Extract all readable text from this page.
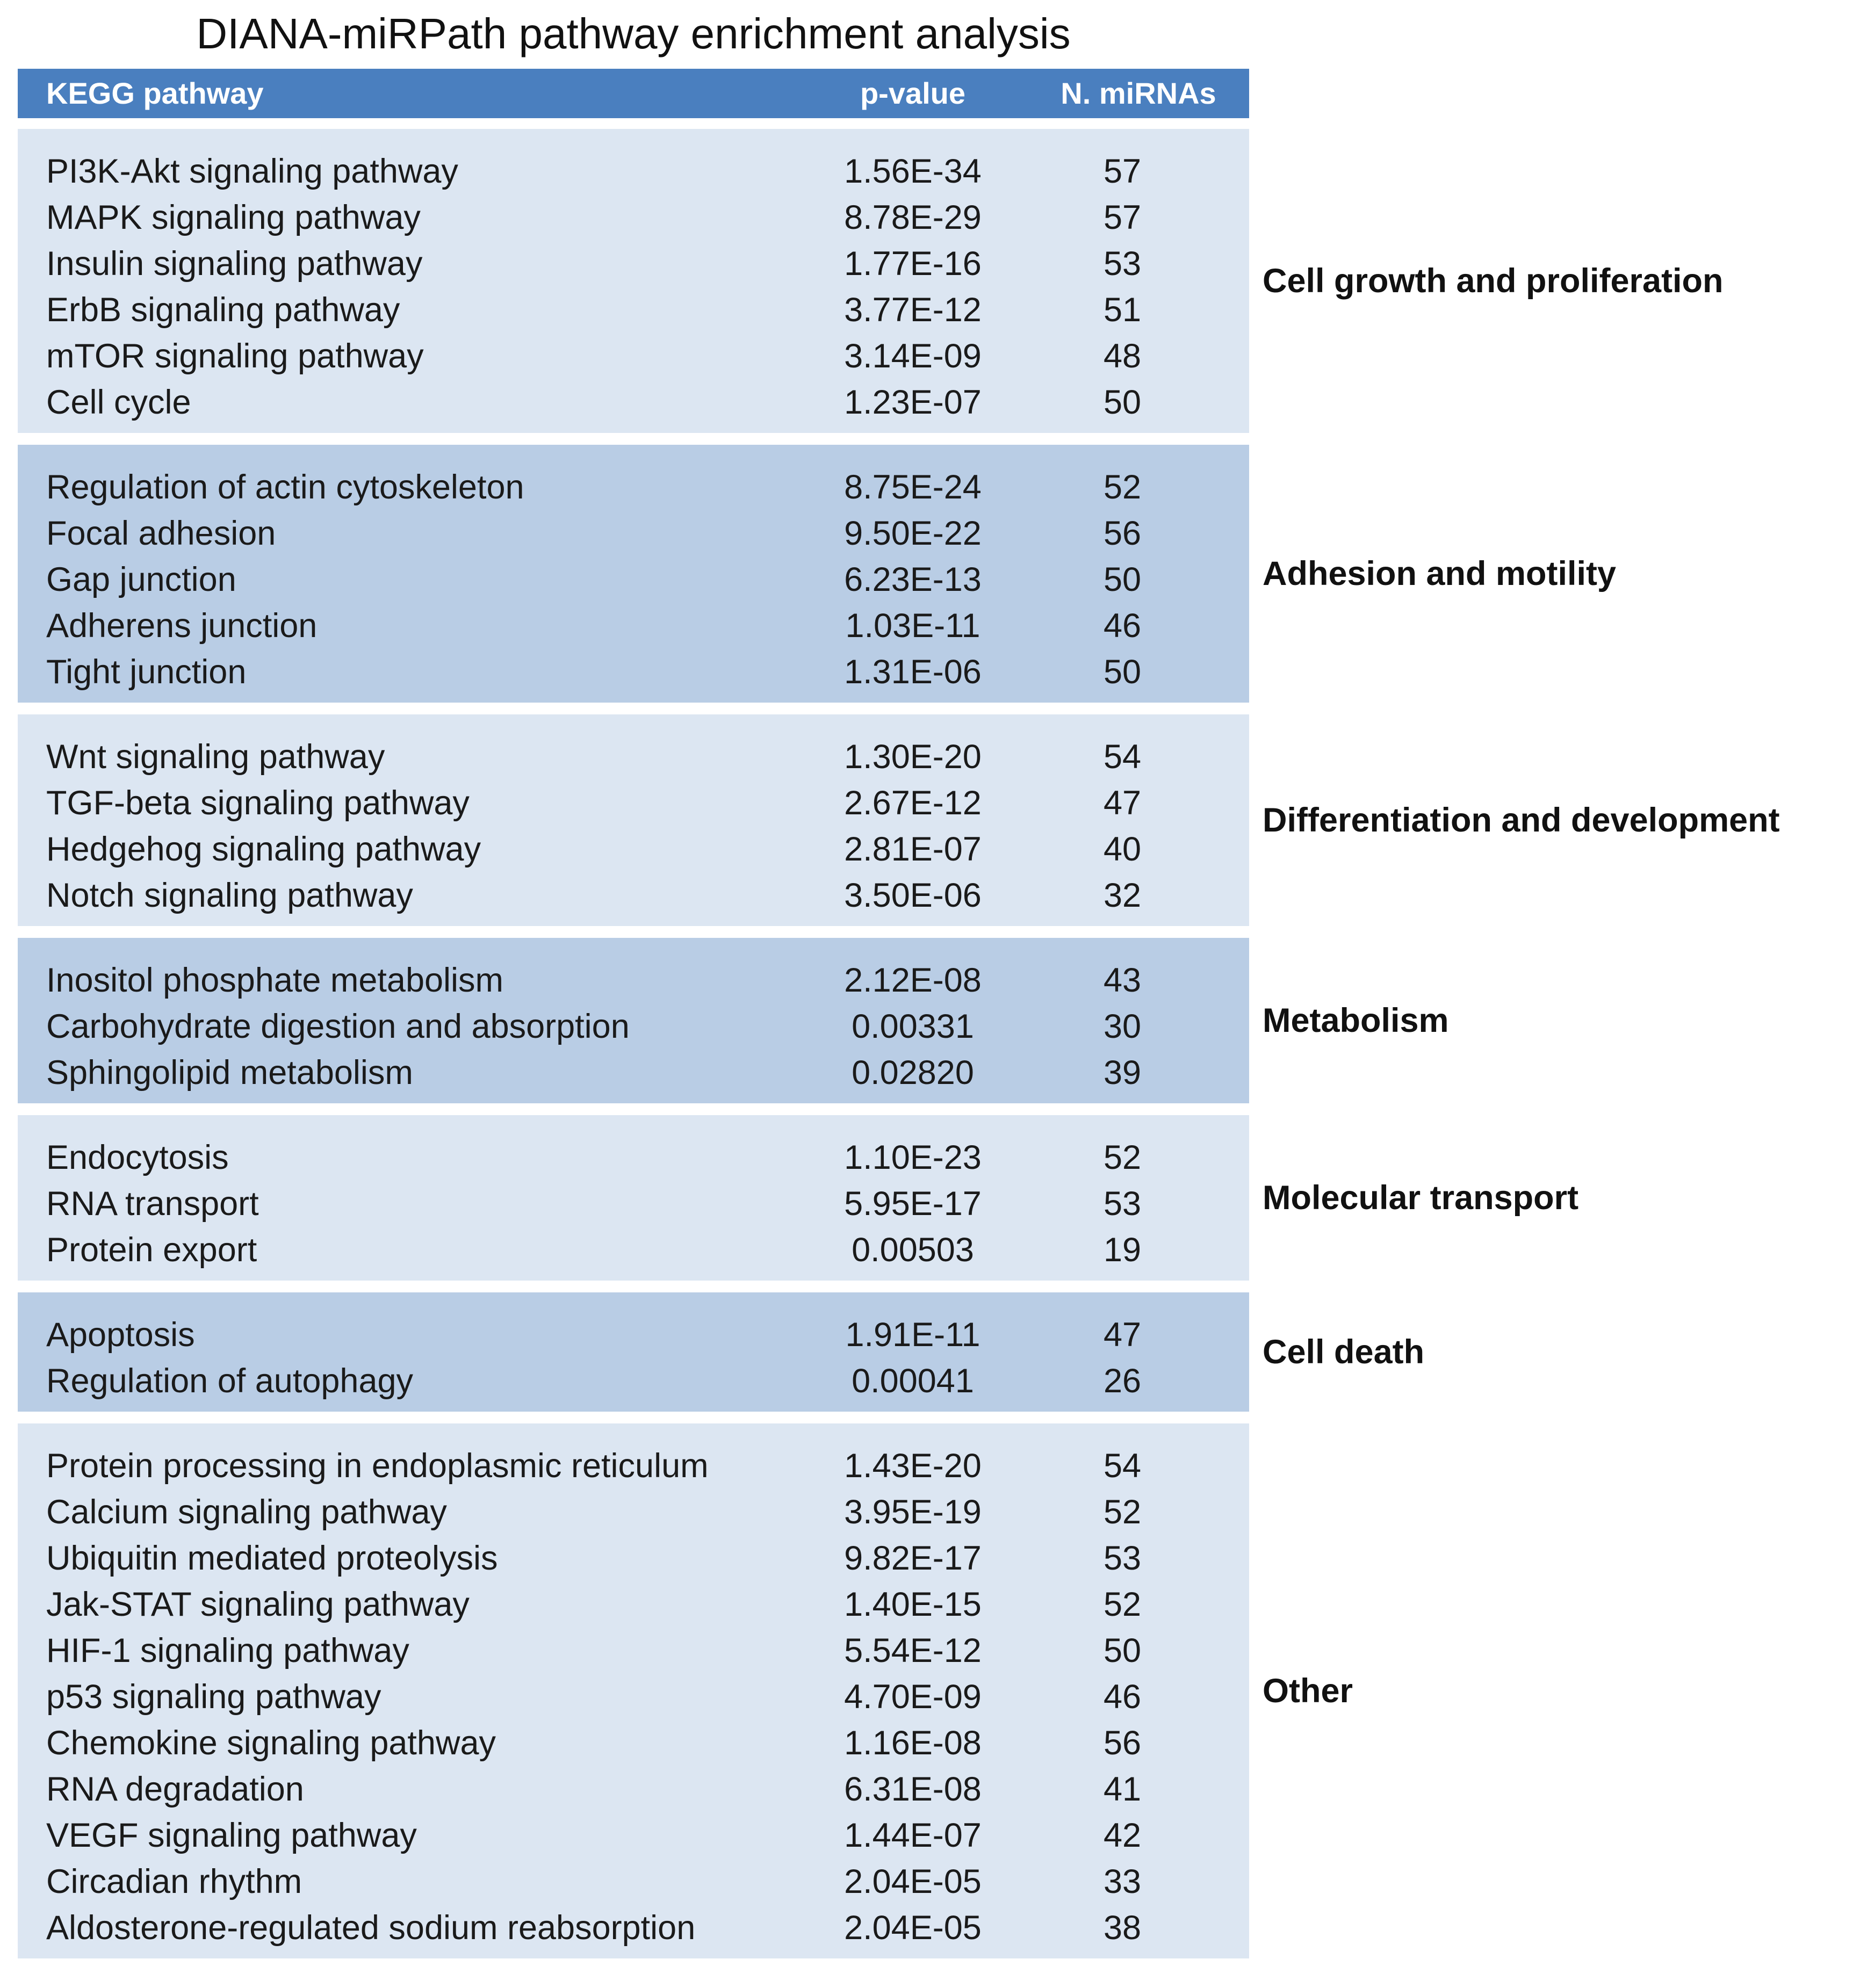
DIANA-miRPath pathway enrichment analysis
KEGG pathway	p-value	N. miRNAs
PI3K-Akt signaling pathway	1.56E-34	57
MAPK signaling pathway	8.78E-29	57
Insulin signaling pathway	1.77E-16	53
ErbB signaling pathway	3.77E-12	51
mTOR signaling pathway	3.14E-09	48
Cell cycle	1.23E-07	50
Cell growth and proliferation
Regulation of actin cytoskeleton	8.75E-24	52
Focal adhesion	9.50E-22	56
Gap junction	6.23E-13	50
Adherens junction	1.03E-11	46
Tight junction	1.31E-06	50
Adhesion and motility
Wnt signaling pathway	1.30E-20	54
TGF-beta signaling pathway	2.67E-12	47
Hedgehog signaling pathway	2.81E-07	40
Notch signaling pathway	3.50E-06	32
Differentiation and development
Inositol phosphate metabolism	2.12E-08	43
Carbohydrate digestion and absorption	0.00331	30
Sphingolipid metabolism	0.02820	39
Metabolism
Endocytosis	1.10E-23	52
RNA transport	5.95E-17	53
Protein export	0.00503	19
Molecular transport
Apoptosis	1.91E-11	47
Regulation of autophagy	0.00041	26
Cell death
Protein processing in endoplasmic reticulum	1.43E-20	54
Calcium signaling pathway	3.95E-19	52
Ubiquitin mediated proteolysis	9.82E-17	53
Jak-STAT signaling pathway	1.40E-15	52
HIF-1 signaling pathway	5.54E-12	50
p53 signaling pathway	4.70E-09	46
Chemokine signaling pathway	1.16E-08	56
RNA degradation	6.31E-08	41
VEGF signaling pathway	1.44E-07	42
Circadian rhythm	2.04E-05	33
Aldosterone-regulated sodium reabsorption	2.04E-05	38
Other
